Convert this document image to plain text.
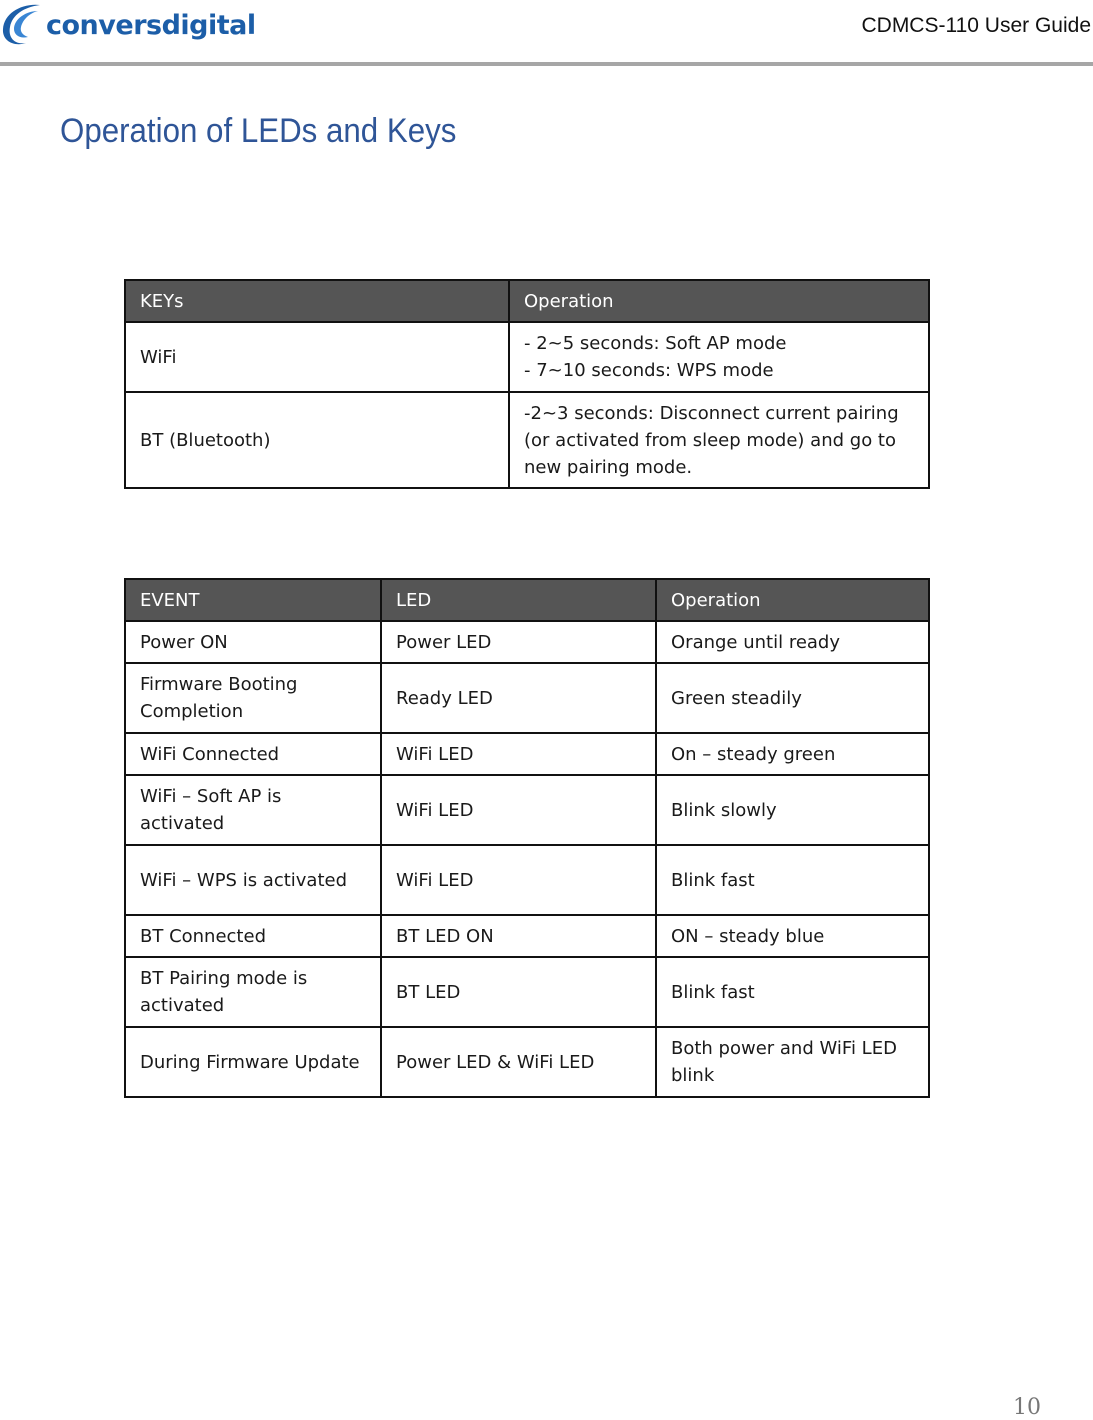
conversdigital	CDMCS-110 User Guide
Operation of LEDs and Keys
KEYs	Operation
WiFi	- 2~5 seconds: Soft AP mode
- 7~10 seconds: WPS mode

BT (Bluetooth)	-2~3 seconds: Disconnect current pairing (or activated from sleep mode) and go to new pairing mode.
EVENT	LED	Operation
Power ON	Power LED	Orange until ready
Firmware Booting Completion	Ready LED	Green steadily
WiFi Connected	WiFi LED	On – steady green
WiFi – Soft AP is activated	WiFi LED	Blink slowly
WiFi – WPS is activated	WiFi LED	Blink fast
BT Connected	BT LED ON	ON – steady blue
BT Pairing mode is activated	BT LED	Blink fast
During Firmware Update	Power LED & WiFi LED	Both power and WiFi LED blink
10
